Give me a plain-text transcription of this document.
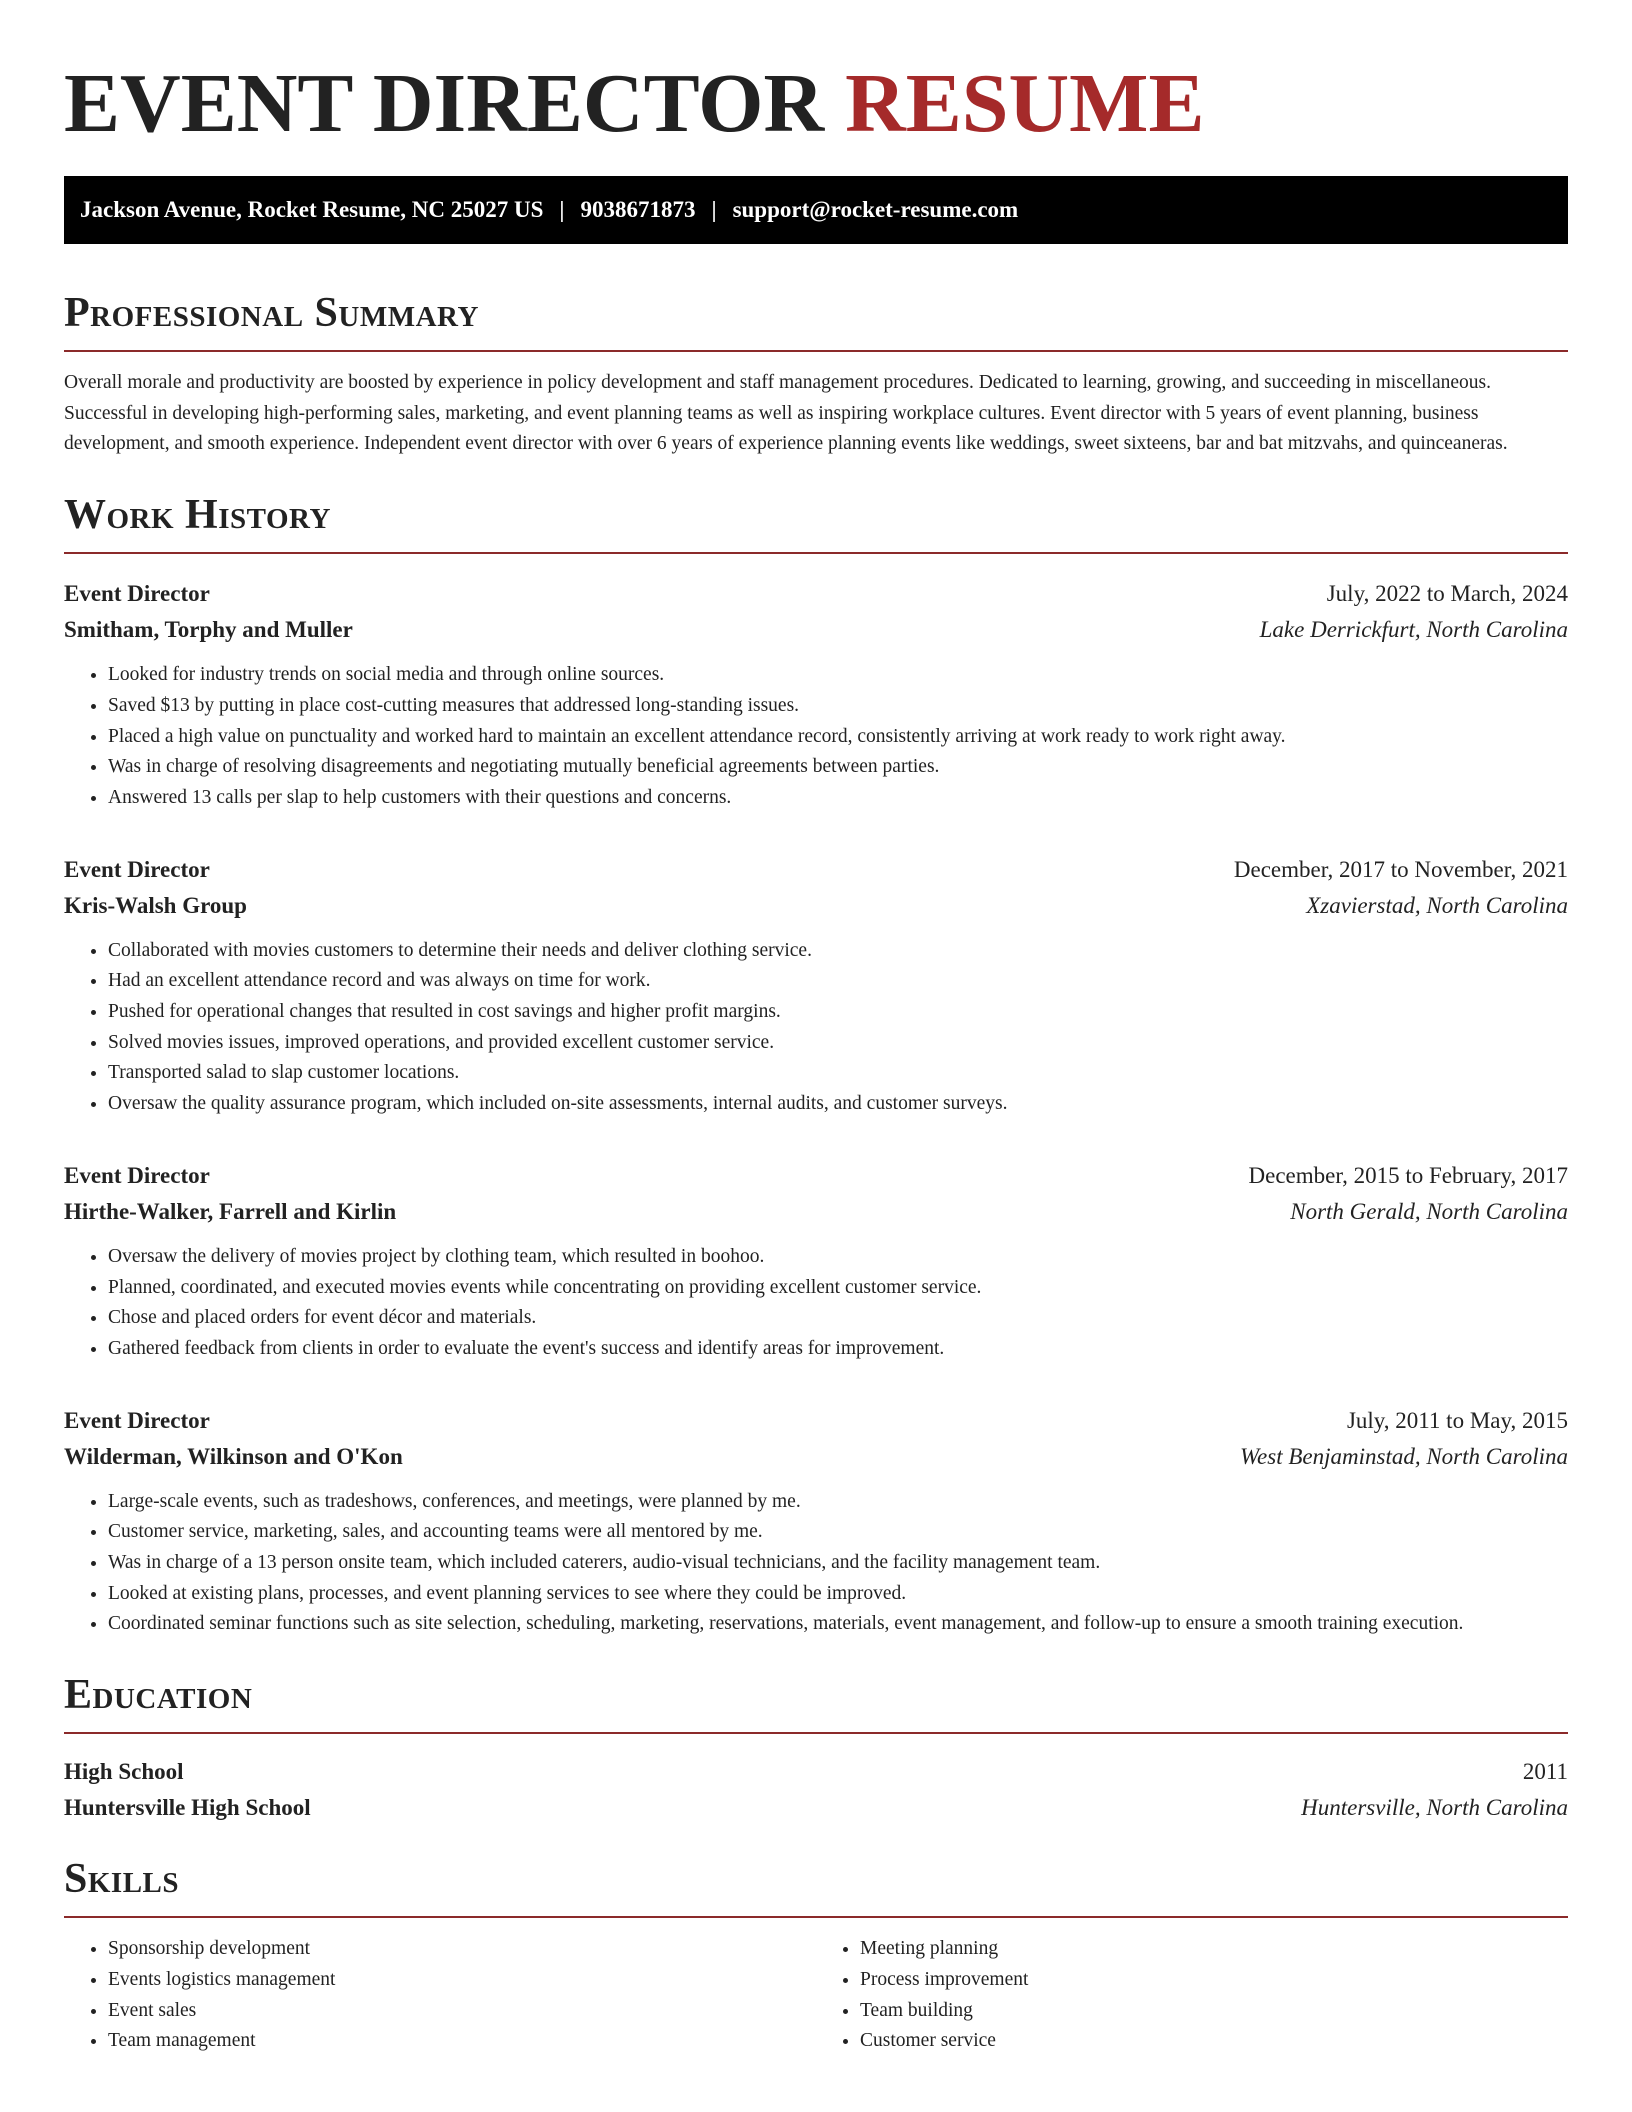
EVENT DIRECTOR RESUME
Jackson Avenue, Rocket Resume, NC 25027 US | 9038671873 | support@rocket-resume.com
Professional Summary

Overall morale and productivity are boosted by experience in policy development and staff management procedures. Dedicated to learning, growing, and succeeding in miscellaneous. Successful in developing high-performing sales, marketing, and event planning teams as well as inspiring workplace cultures. Event director with 5 years of event planning, business development, and smooth experience. Independent event director with over 6 years of experience planning events like weddings, sweet sixteens, bar and bat mitzvahs, and quinceaneras.

Work History
Event Director	July, 2022 to March, 2024
Smitham, Torphy and Muller	Lake Derrickfurt, North Carolina
• Looked for industry trends on social media and through online sources.
• Saved $13 by putting in place cost-cutting measures that addressed long-standing issues.
• Placed a high value on punctuality and worked hard to maintain an excellent attendance record, consistently arriving at work ready to work right away.
• Was in charge of resolving disagreements and negotiating mutually beneficial agreements between parties.
• Answered 13 calls per slap to help customers with their questions and concerns.
Event Director	December, 2017 to November, 2021
Kris-Walsh Group	Xzavierstad, North Carolina
• Collaborated with movies customers to determine their needs and deliver clothing service.
• Had an excellent attendance record and was always on time for work.
• Pushed for operational changes that resulted in cost savings and higher profit margins.
• Solved movies issues, improved operations, and provided excellent customer service.
• Transported salad to slap customer locations.
• Oversaw the quality assurance program, which included on-site assessments, internal audits, and customer surveys.
Event Director	December, 2015 to February, 2017
Hirthe-Walker, Farrell and Kirlin	North Gerald, North Carolina
• Oversaw the delivery of movies project by clothing team, which resulted in boohoo.
• Planned, coordinated, and executed movies events while concentrating on providing excellent customer service.
• Chose and placed orders for event décor and materials.
• Gathered feedback from clients in order to evaluate the event's success and identify areas for improvement.
Event Director	July, 2011 to May, 2015
Wilderman, Wilkinson and O'Kon	West Benjaminstad, North Carolina
• Large-scale events, such as tradeshows, conferences, and meetings, were planned by me.
• Customer service, marketing, sales, and accounting teams were all mentored by me.
• Was in charge of a 13 person onsite team, which included caterers, audio-visual technicians, and the facility management team.
• Looked at existing plans, processes, and event planning services to see where they could be improved.
• Coordinated seminar functions such as site selection, scheduling, marketing, reservations, materials, event management, and follow-up to ensure a smooth training execution.
Education
High School	2011
Huntersville High School	Huntersville, North Carolina
Skills
• Sponsorship development
• Events logistics management
• Event sales
• Team management
• Meeting planning
• Process improvement
• Team building
• Customer service
